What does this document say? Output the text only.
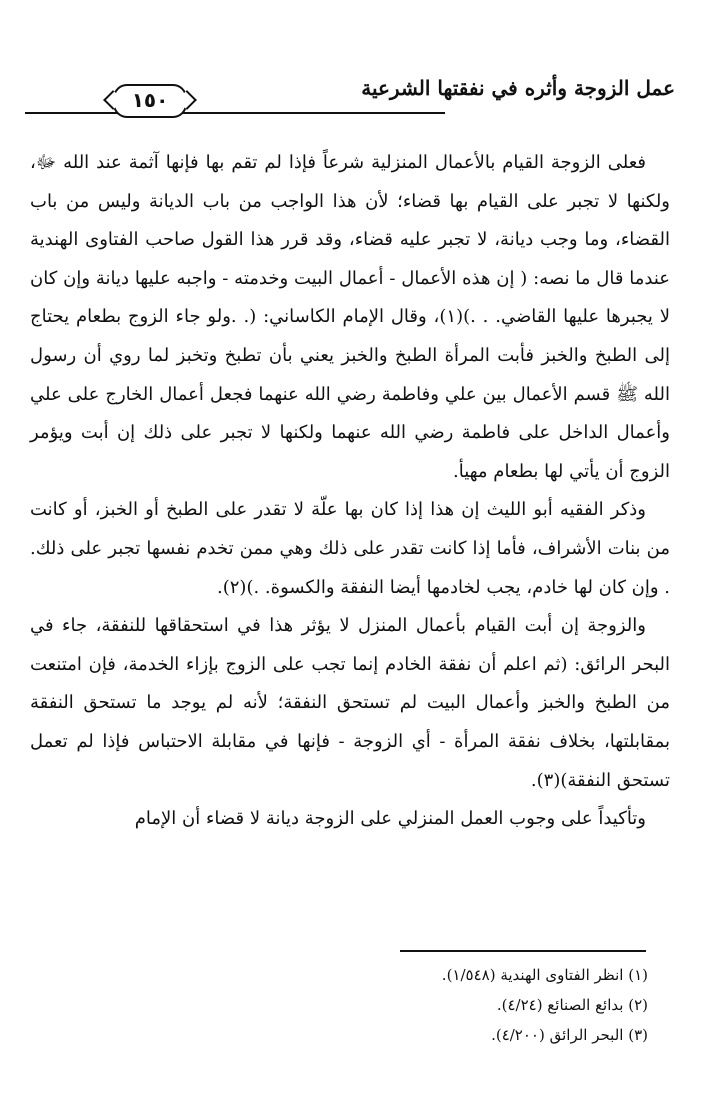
١٥٠	عمل الزوجة وأثره في نفقتها الشرعية

فعلى الزوجة القيام بالأعمال المنزلية شرعاً فإذا لم تقم بها فإنها آثمة عند الله ﷻ، ولكنها لا تجبر على القيام بها قضاء؛ لأن هذا الواجب من باب الديانة وليس من باب القضاء، وما وجب ديانة، لا تجبر عليه قضاء، وقد قرر هذا القول صاحب الفتاوى الهندية عندما قال ما نصه: ( إن هذه الأعمال - أعمال البيت وخدمته - واجبه عليها ديانة وإن كان لا يجبرها عليها القاضي. . .)(١)، وقال الإمام الكاساني: (. .ولو جاء الزوج بطعام يحتاج إلى الطبخ والخبز فأبت المرأة الطبخ والخبز يعني بأن تطبخ وتخبز لما روي أن رسول الله ﷺ قسم الأعمال بين علي وفاطمة رضي الله عنهما فجعل أعمال الخارج على علي وأعمال الداخل على فاطمة رضي الله عنهما ولكنها لا تجبر على ذلك إن أبت ويؤمر الزوج أن يأتي لها بطعام مهيأ.

وذكر الفقيه أبو الليث إن هذا إذا كان بها علّة لا تقدر على الطبخ أو الخبز، أو كانت من بنات الأشراف، فأما إذا كانت تقدر على ذلك وهي ممن تخدم نفسها تجبر على ذلك. . وإن كان لها خادم، يجب لخادمها أيضا النفقة والكسوة. .)(٢).

والزوجة إن أبت القيام بأعمال المنزل لا يؤثر هذا في استحقاقها للنفقة، جاء في البحر الرائق: (ثم اعلم أن نفقة الخادم إنما تجب على الزوج بإزاء الخدمة، فإن امتنعت من الطبخ والخبز وأعمال البيت لم تستحق النفقة؛ لأنه لم يوجد ما تستحق النفقة بمقابلتها، بخلاف نفقة المرأة - أي الزوجة - فإنها في مقابلة الاحتباس فإذا لم تعمل تستحق النفقة)(٣).

وتأكيداً على وجوب العمل المنزلي على الزوجة ديانة لا قضاء أن الإمام

(١) انظر الفتاوى الهندية (١/٥٤٨).

(٢) بدائع الصنائع (٤/٢٤).

(٣) البحر الرائق (٤/٢٠٠).
